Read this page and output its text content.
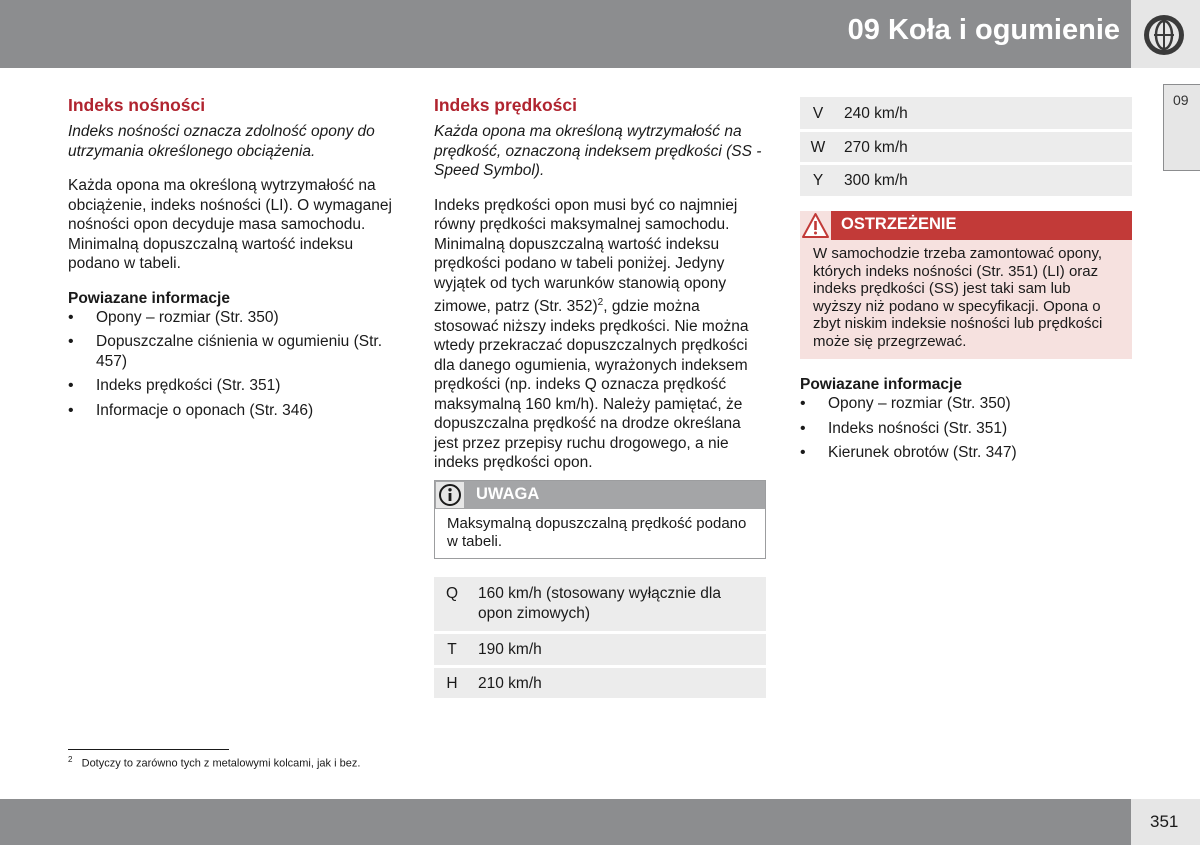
09 Koła i ogumienie
09
Indeks nośności

Indeks nośności oznacza zdolność opony do utrzymania określonego obciążenia.

Każda opona ma określoną wytrzymałość na obciążenie, indeks nośności (LI). O wymaganej nośności opon decyduje masa samochodu. Minimalną dopuszczalną wartość indeksu podano w tabeli.

Powiazane informacje
• Opony – rozmiar (Str. 350)
• Dopuszczalne ciśnienia w ogumieniu (Str. 457)
• Indeks prędkości (Str. 351)
• Informacje o oponach (Str. 346)
Indeks prędkości

Każda opona ma określoną wytrzymałość na prędkość, oznaczoną indeksem prędkości (SS - Speed Symbol).

Indeks prędkości opon musi być co najmniej równy prędkości maksymalnej samochodu. Minimalną dopuszczalną wartość indeksu prędkości podano w tabeli poniżej. Jedyny wyjątek od tych warunków stanowią opony zimowe, patrz (Str. 352)$^2$, gdzie można stosować niższy indeks prędkości. Nie można wtedy przekraczać dopuszczalnych prędkości dla danego ogumienia, wyrażonych indeksem prędkości (np. indeks Q oznacza prędkość maksymalną 160 km/h). Należy pamiętać, że dopuszczalna prędkość na drodze określana jest przez przepisy ruchu drogowego, a nie indeks prędkości opon.

UWAGA
Maksymalną dopuszczalną prędkość podano w tabeli.
Q	160 km/h (stosowany wyłącznie dla opon zimowych)
T	190 km/h
H	210 km/h
V	240 km/h
W	270 km/h
Y	300 km/h
OSTRZEŻENIE
W samochodzie trzeba zamontować opony, których indeks nośności (Str. 351) (LI) oraz indeks prędkości (SS) jest taki sam lub wyższy niż podano w specyfikacji. Opona o zbyt niskim indeksie nośności lub prędkości może się przegrzewać.
Powiazane informacje
• Opony – rozmiar (Str. 350)
• Indeks nośności (Str. 351)
• Kierunek obrotów (Str. 347)
$^2$ Dotyczy to zarówno tych z metalowymi kolcami, jak i bez.
351
